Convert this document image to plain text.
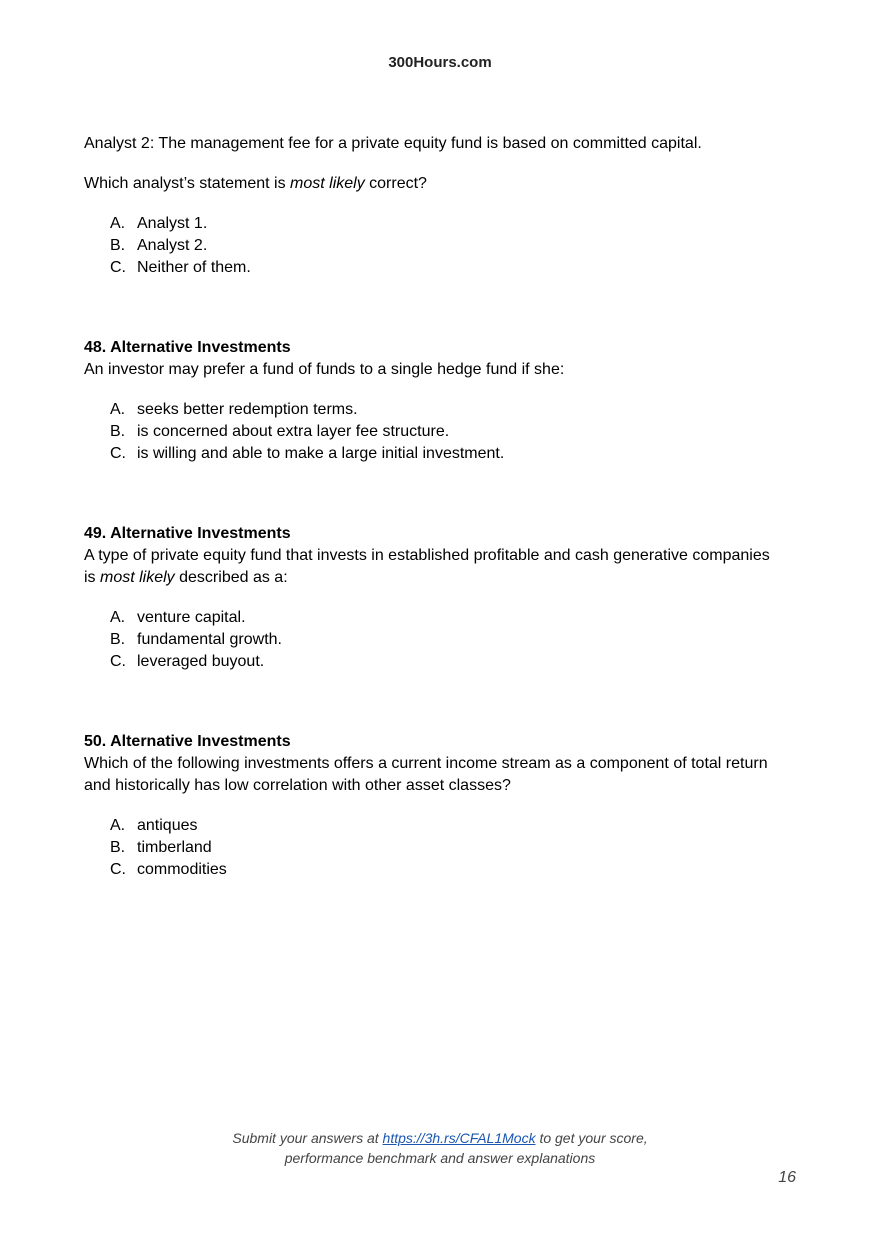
300Hours.com

Analyst 2: The management fee for a private equity fund is based on committed capital.

Which analyst’s statement is most likely correct?

A. Analyst 1.
B. Analyst 2.
C. Neither of them.

48. Alternative Investments

An investor may prefer a fund of funds to a single hedge fund if she:

A. seeks better redemption terms.
B. is concerned about extra layer fee structure.
C. is willing and able to make a large initial investment.

49. Alternative Investments

A type of private equity fund that invests in established profitable and cash generative companies
is most likely described as a:

A. venture capital.
B. fundamental growth.
C. leveraged buyout.

50. Alternative Investments

Which of the following investments offers a current income stream as a component of total return
and historically has low correlation with other asset classes?

A. antiques
B. timberland
C. commodities
Submit your answers at https://3h.rs/CFAL1Mock to get your score,
performance benchmark and answer explanations
16
